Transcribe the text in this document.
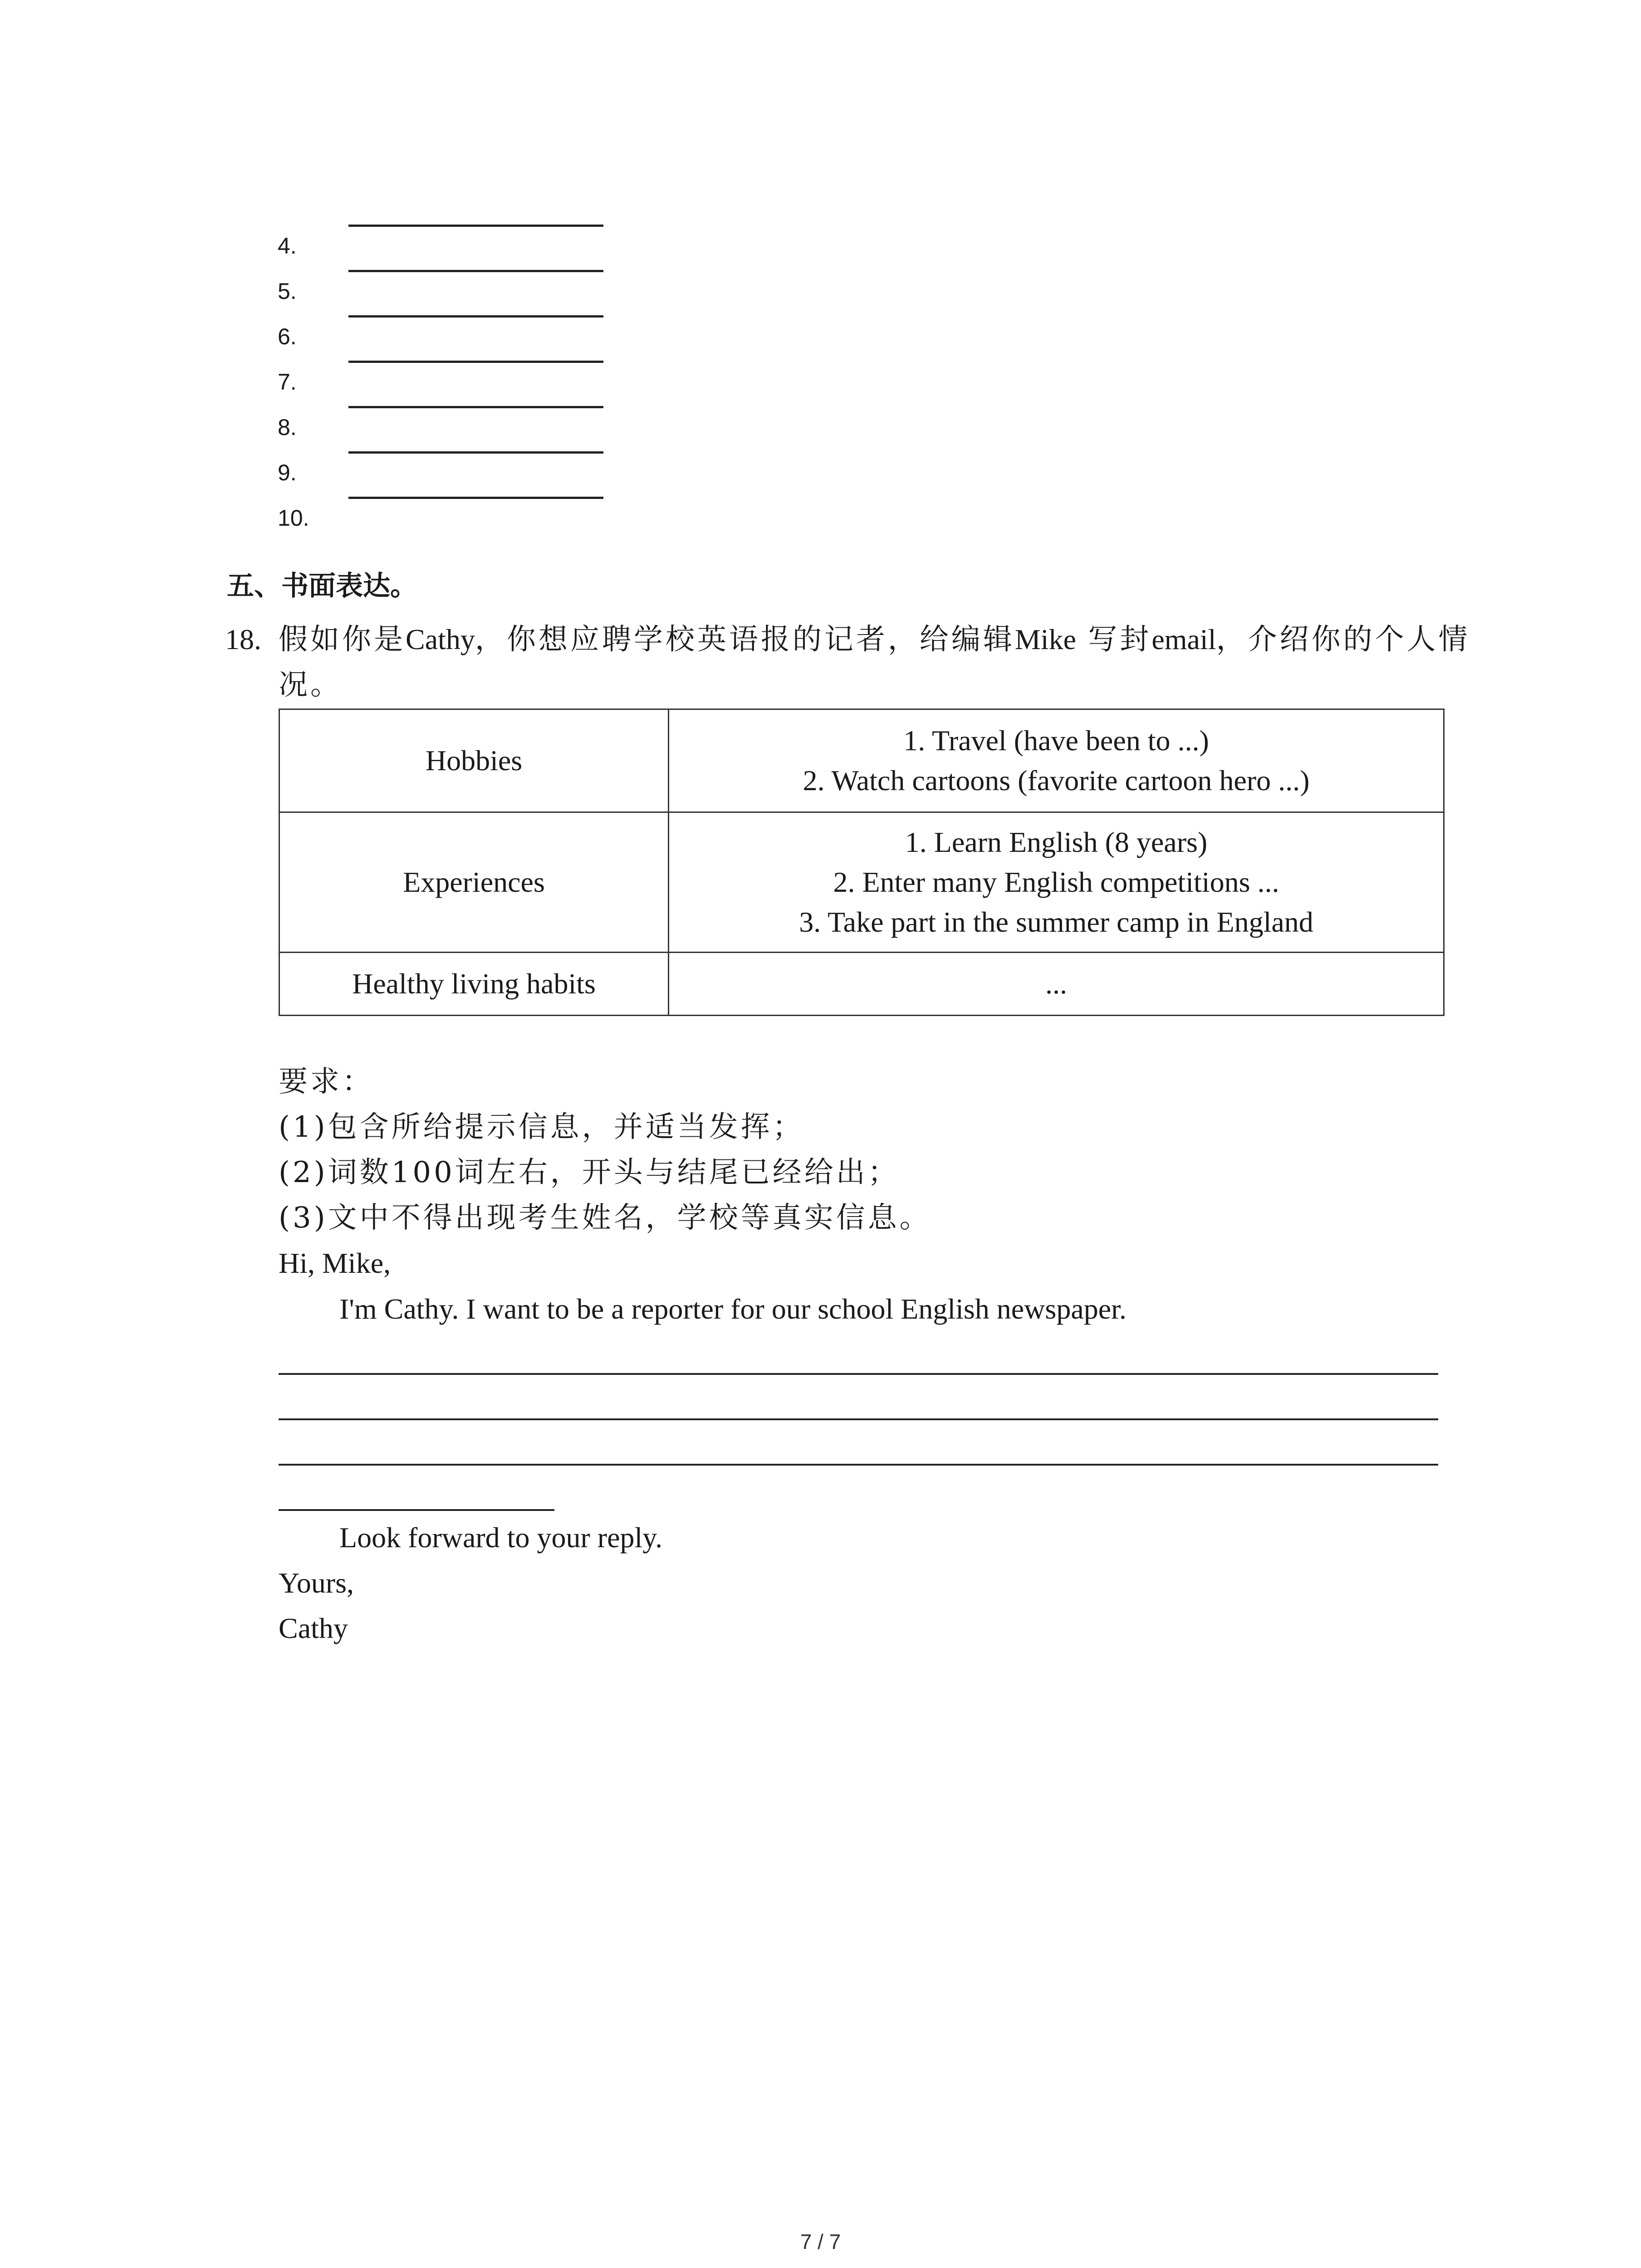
4.
5.
6.
7.
8.
9.
10.
五、书面表达。
18. 假如你是Cathy，你想应聘学校英语报的记者，给编辑Mike 写封email，介绍你的个人情
况。
Hobbies	1. Travel (have been to ...)
2. Watch cartoons (favorite cartoon hero ...)

Experiences	1. Learn English (8 years)
2. Enter many English competitions ...
3. Take part in the summer camp in England

Healthy living habits	...
要求：
(1)包含所给提示信息，并适当发挥；
(2)词数100词左右，开头与结尾已经给出；
(3)文中不得出现考生姓名，学校等真实信息。
Hi, Mike,
I'm Cathy. I want to be a reporter for our school English newspaper.
Look forward to your reply.
Yours,
Cathy
7 / 7
